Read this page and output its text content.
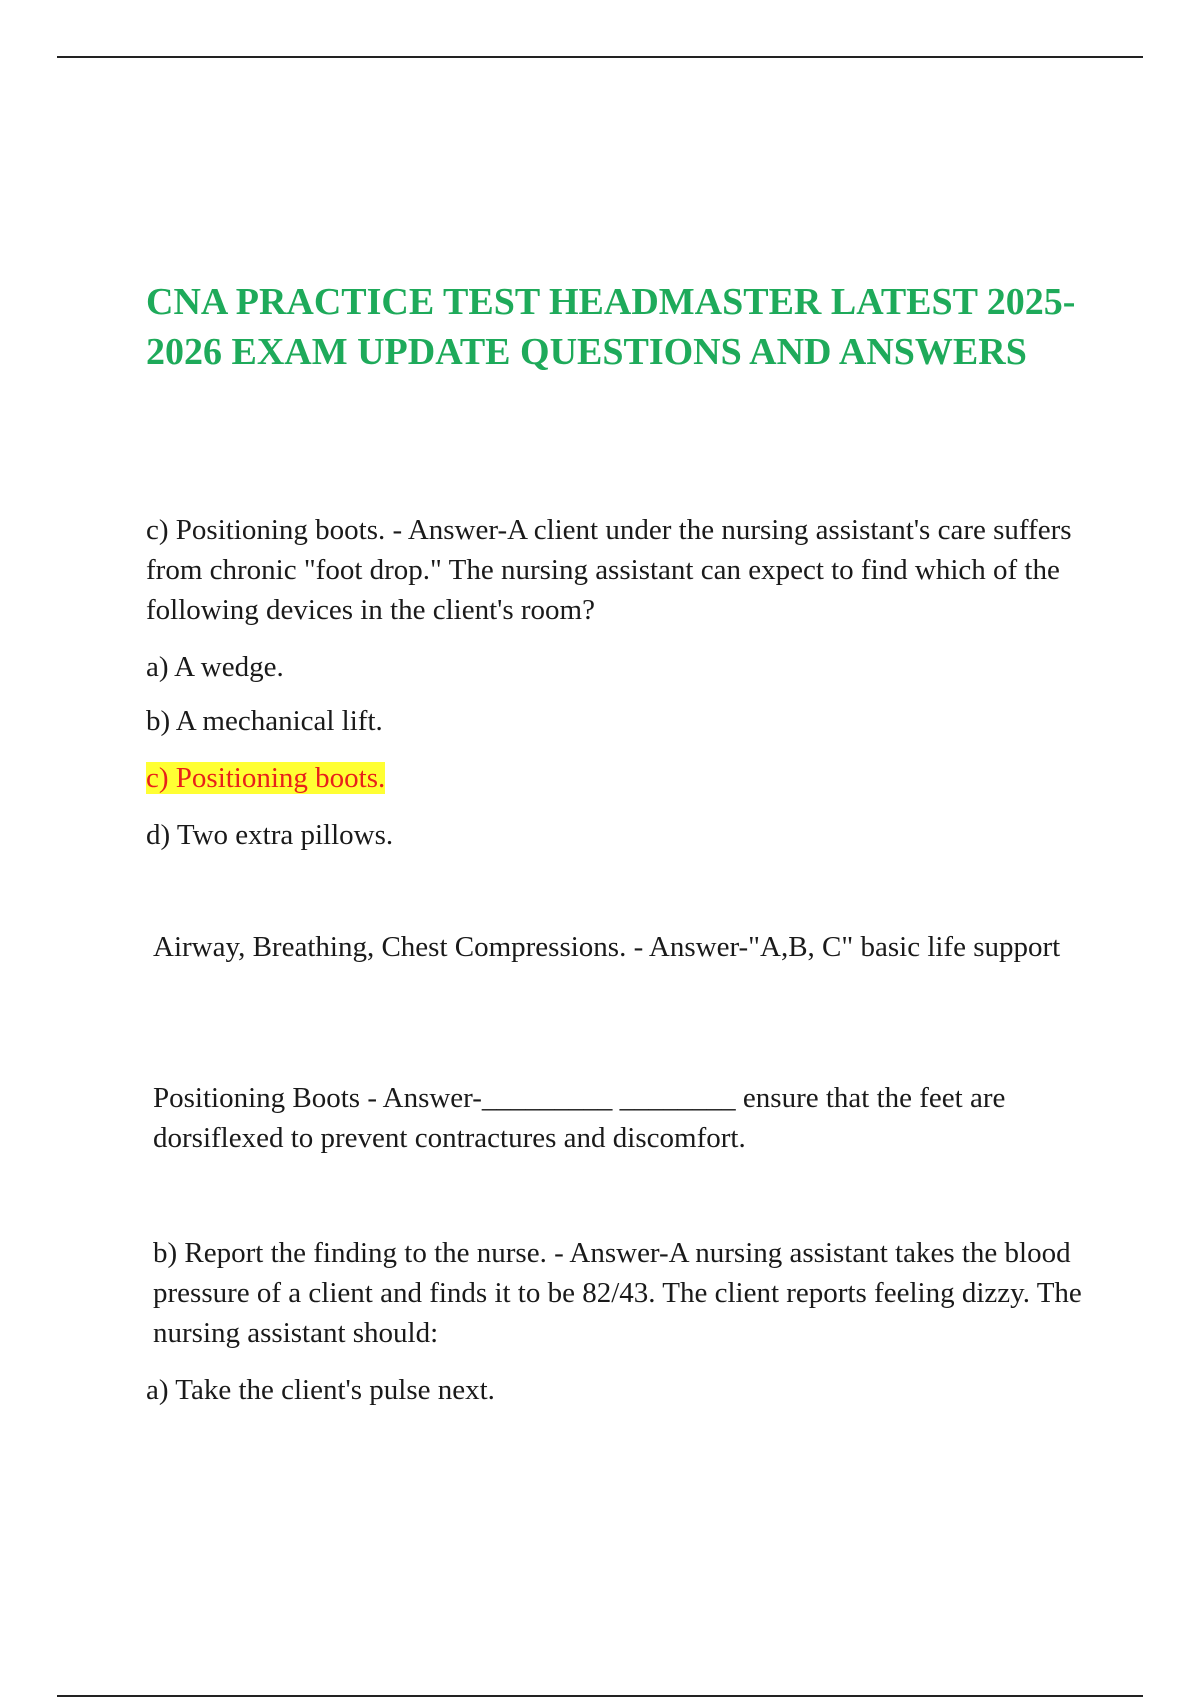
CNA PRACTICE TEST HEADMASTER LATEST 2025-2026 EXAM UPDATE QUESTIONS AND ANSWERS

c) Positioning boots. - Answer-A client under the nursing assistant's care suffers from chronic "foot drop." The nursing assistant can expect to find which of the following devices in the client's room?

a) A wedge.

b) A mechanical lift.

c) Positioning boots.

d) Two extra pillows.

Airway, Breathing, Chest Compressions. - Answer-"A,B, C" basic life support

Positioning Boots - Answer-_________ ________ ensure that the feet are dorsiflexed to prevent contractures and discomfort.

b) Report the finding to the nurse. - Answer-A nursing assistant takes the blood pressure of a client and finds it to be 82/43. The client reports feeling dizzy. The nursing assistant should:

a) Take the client's pulse next.
